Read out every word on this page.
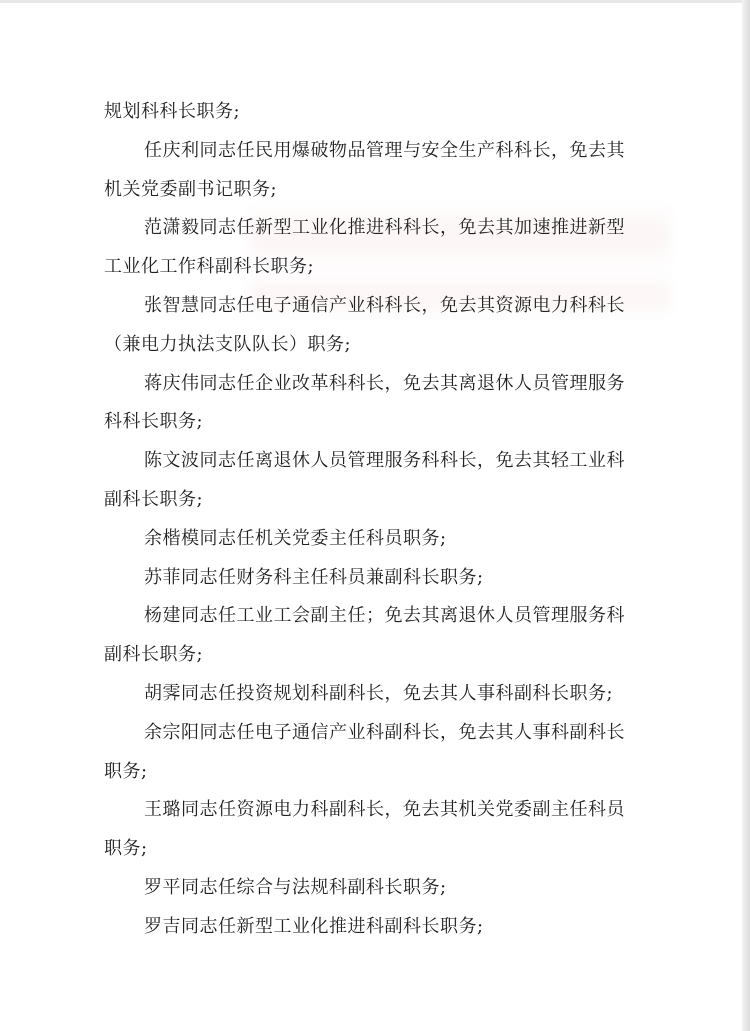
规划科科长职务;
任庆利同志任民用爆破物品管理与安全生产科科长，免去其
机关党委副书记职务;
范潇毅同志任新型工业化推进科科长，免去其加速推进新型
工业化工作科副科长职务;
张智慧同志任电子通信产业科科长，免去其资源电力科科长
（兼电力执法支队队长）职务;
蒋庆伟同志任企业改革科科长，免去其离退休人员管理服务
科科长职务;
陈文波同志任离退休人员管理服务科科长，免去其轻工业科
副科长职务;
余楷模同志任机关党委主任科员职务;
苏菲同志任财务科主任科员兼副科长职务;
杨建同志任工业工会副主任；免去其离退休人员管理服务科
副科长职务;
胡霁同志任投资规划科副科长，免去其人事科副科长职务;
余宗阳同志任电子通信产业科副科长，免去其人事科副科长
职务;
王璐同志任资源电力科副科长，免去其机关党委副主任科员
职务;
罗平同志任综合与法规科副科长职务;
罗吉同志任新型工业化推进科副科长职务;
